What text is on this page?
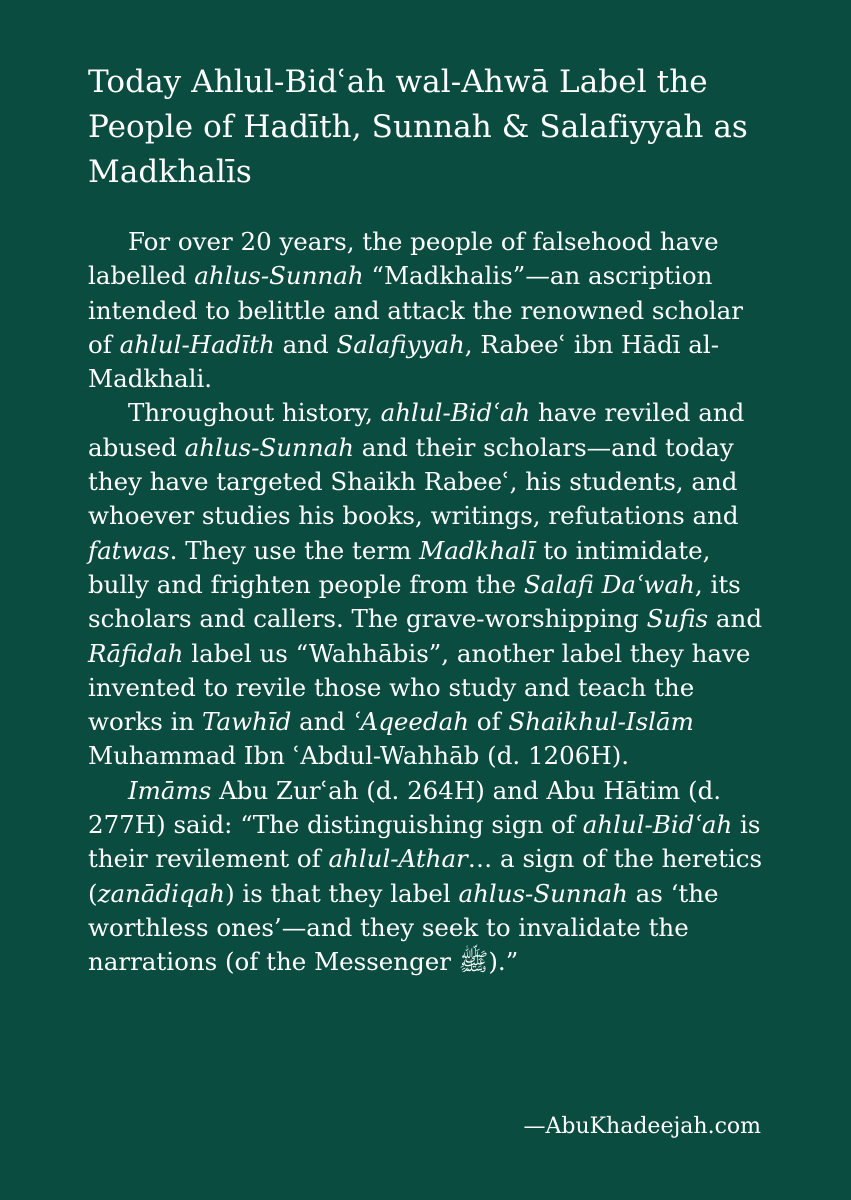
Today Ahlul-Bidʿah wal-Ahwā Label the People of Hadīth, Sunnah & Salafiyyah as Madkhalīs

For over 20 years, the people of falsehood have labelled ahlus-Sunnah “Madkhalis”—an ascription intended to belittle and attack the renowned scholar of ahlul-Hadīth and Salafiyyah, Rabeeʿ ibn Hādī al-Madkhali.

Throughout history, ahlul-Bidʿah have reviled and abused ahlus-Sunnah and their scholars—and today they have targeted Shaikh Rabeeʿ, his students, and whoever studies his books, writings, refutations and fatwas. They use the term Madkhalī to intimidate, bully and frighten people from the Salafi Daʿwah, its scholars and callers. The grave-worshipping Sufis and Rāfidah label us “Wahhābis”, another label they have invented to revile those who study and teach the works in Tawhīd and ʿAqeedah of Shaikhul-Islām Muhammad Ibn ʿAbdul-Wahhāb (d. 1206H).

Imāms Abu Zurʿah (d. 264H) and Abu Hātim (d. 277H) said: “The distinguishing sign of ahlul-Bidʿah is their revilement of ahlul-Athar… a sign of the heretics (zanādiqah) is that they label ahlus-Sunnah as ‘the worthless ones’—and they seek to invalidate the narrations (of the Messenger ﷺ).”

—AbuKhadeejah.com
